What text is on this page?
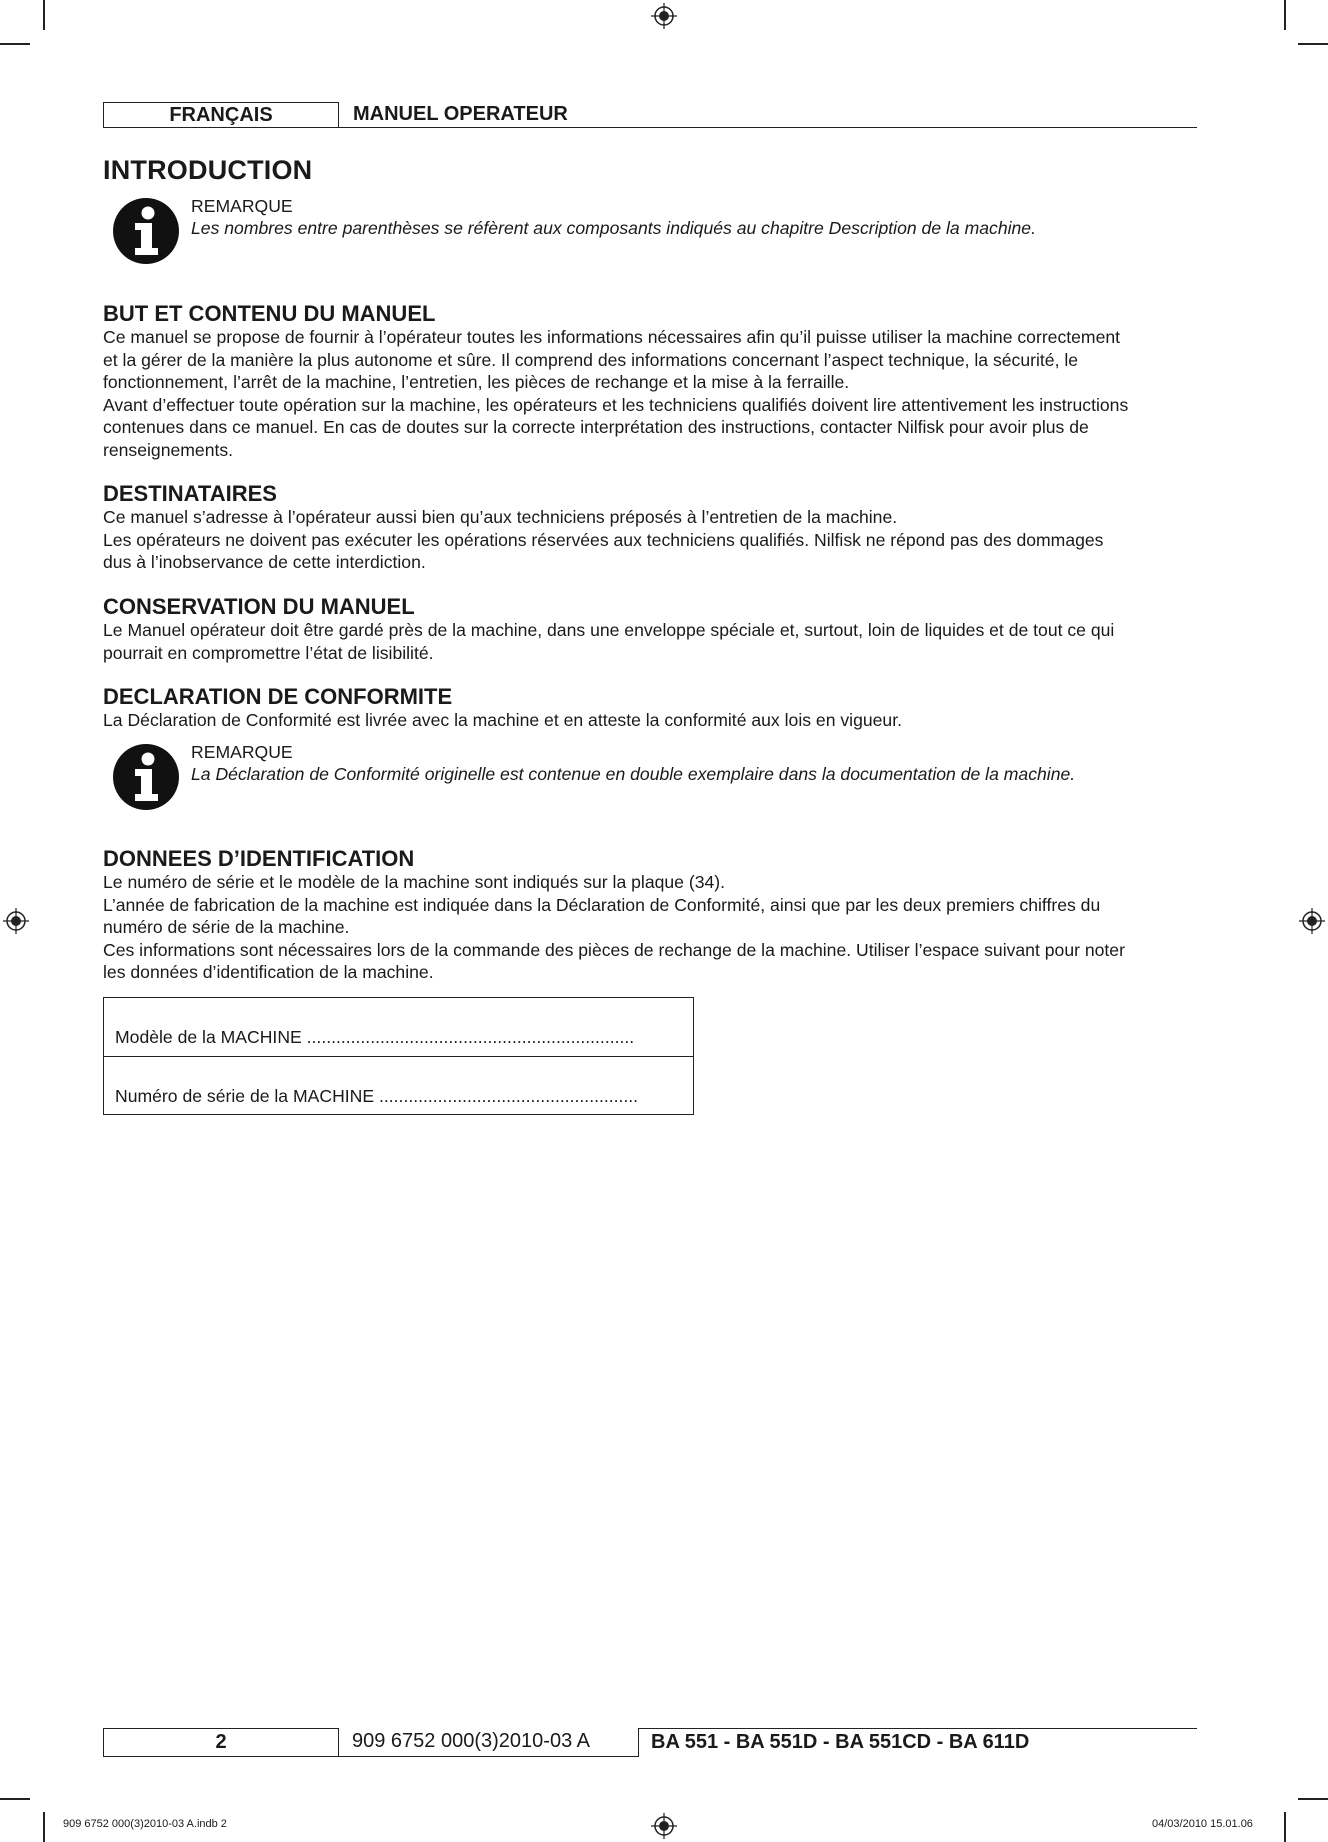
FRANÇAIS	MANUEL OPERATEUR
INTRODUCTION
REMARQUE
Les nombres entre parenthèses se réfèrent aux composants indiqués au chapitre Description de la machine.
BUT ET CONTENU DU MANUEL
Ce manuel se propose de fournir à l’opérateur toutes les informations nécessaires afin qu’il puisse utiliser la machine correctement
et la gérer de la manière la plus autonome et sûre. Il comprend des informations concernant l’aspect technique, la sécurité, le
fonctionnement, l’arrêt de la machine, l’entretien, les pièces de rechange et la mise à la ferraille.
Avant d’effectuer toute opération sur la machine, les opérateurs et les techniciens qualifiés doivent lire attentivement les instructions
contenues dans ce manuel. En cas de doutes sur la correcte interprétation des instructions, contacter Nilfisk pour avoir plus de
renseignements.
DESTINATAIRES
Ce manuel s’adresse à l’opérateur aussi bien qu’aux techniciens préposés à l’entretien de la machine.
Les opérateurs ne doivent pas exécuter les opérations réservées aux techniciens qualifiés. Nilfisk ne répond pas des dommages
dus à l’inobservance de cette interdiction.
CONSERVATION DU MANUEL
Le Manuel opérateur doit être gardé près de la machine, dans une enveloppe spéciale et, surtout, loin de liquides et de tout ce qui
pourrait en compromettre l’état de lisibilité.
DECLARATION DE CONFORMITE
La Déclaration de Conformité est livrée avec la machine et en atteste la conformité aux lois en vigueur.
REMARQUE
La Déclaration de Conformité originelle est contenue en double exemplaire dans la documentation de la machine.
DONNEES D’IDENTIFICATION
Le numéro de série et le modèle de la machine sont indiqués sur la plaque (34).
L’année de fabrication de la machine est indiquée dans la Déclaration de Conformité, ainsi que par les deux premiers chiffres du
numéro de série de la machine.
Ces informations sont nécessaires lors de la commande des pièces de rechange de la machine. Utiliser l’espace suivant pour noter
les données d’identification de la machine.
Modèle de la MACHINE ...................................................................
Numéro de série de la MACHINE .....................................................
2	909 6752 000(3)2010-03 A	BA 551 - BA 551D - BA 551CD - BA 611D
909 6752 000(3)2010-03 A.indb 2	04/03/2010 15.01.06
